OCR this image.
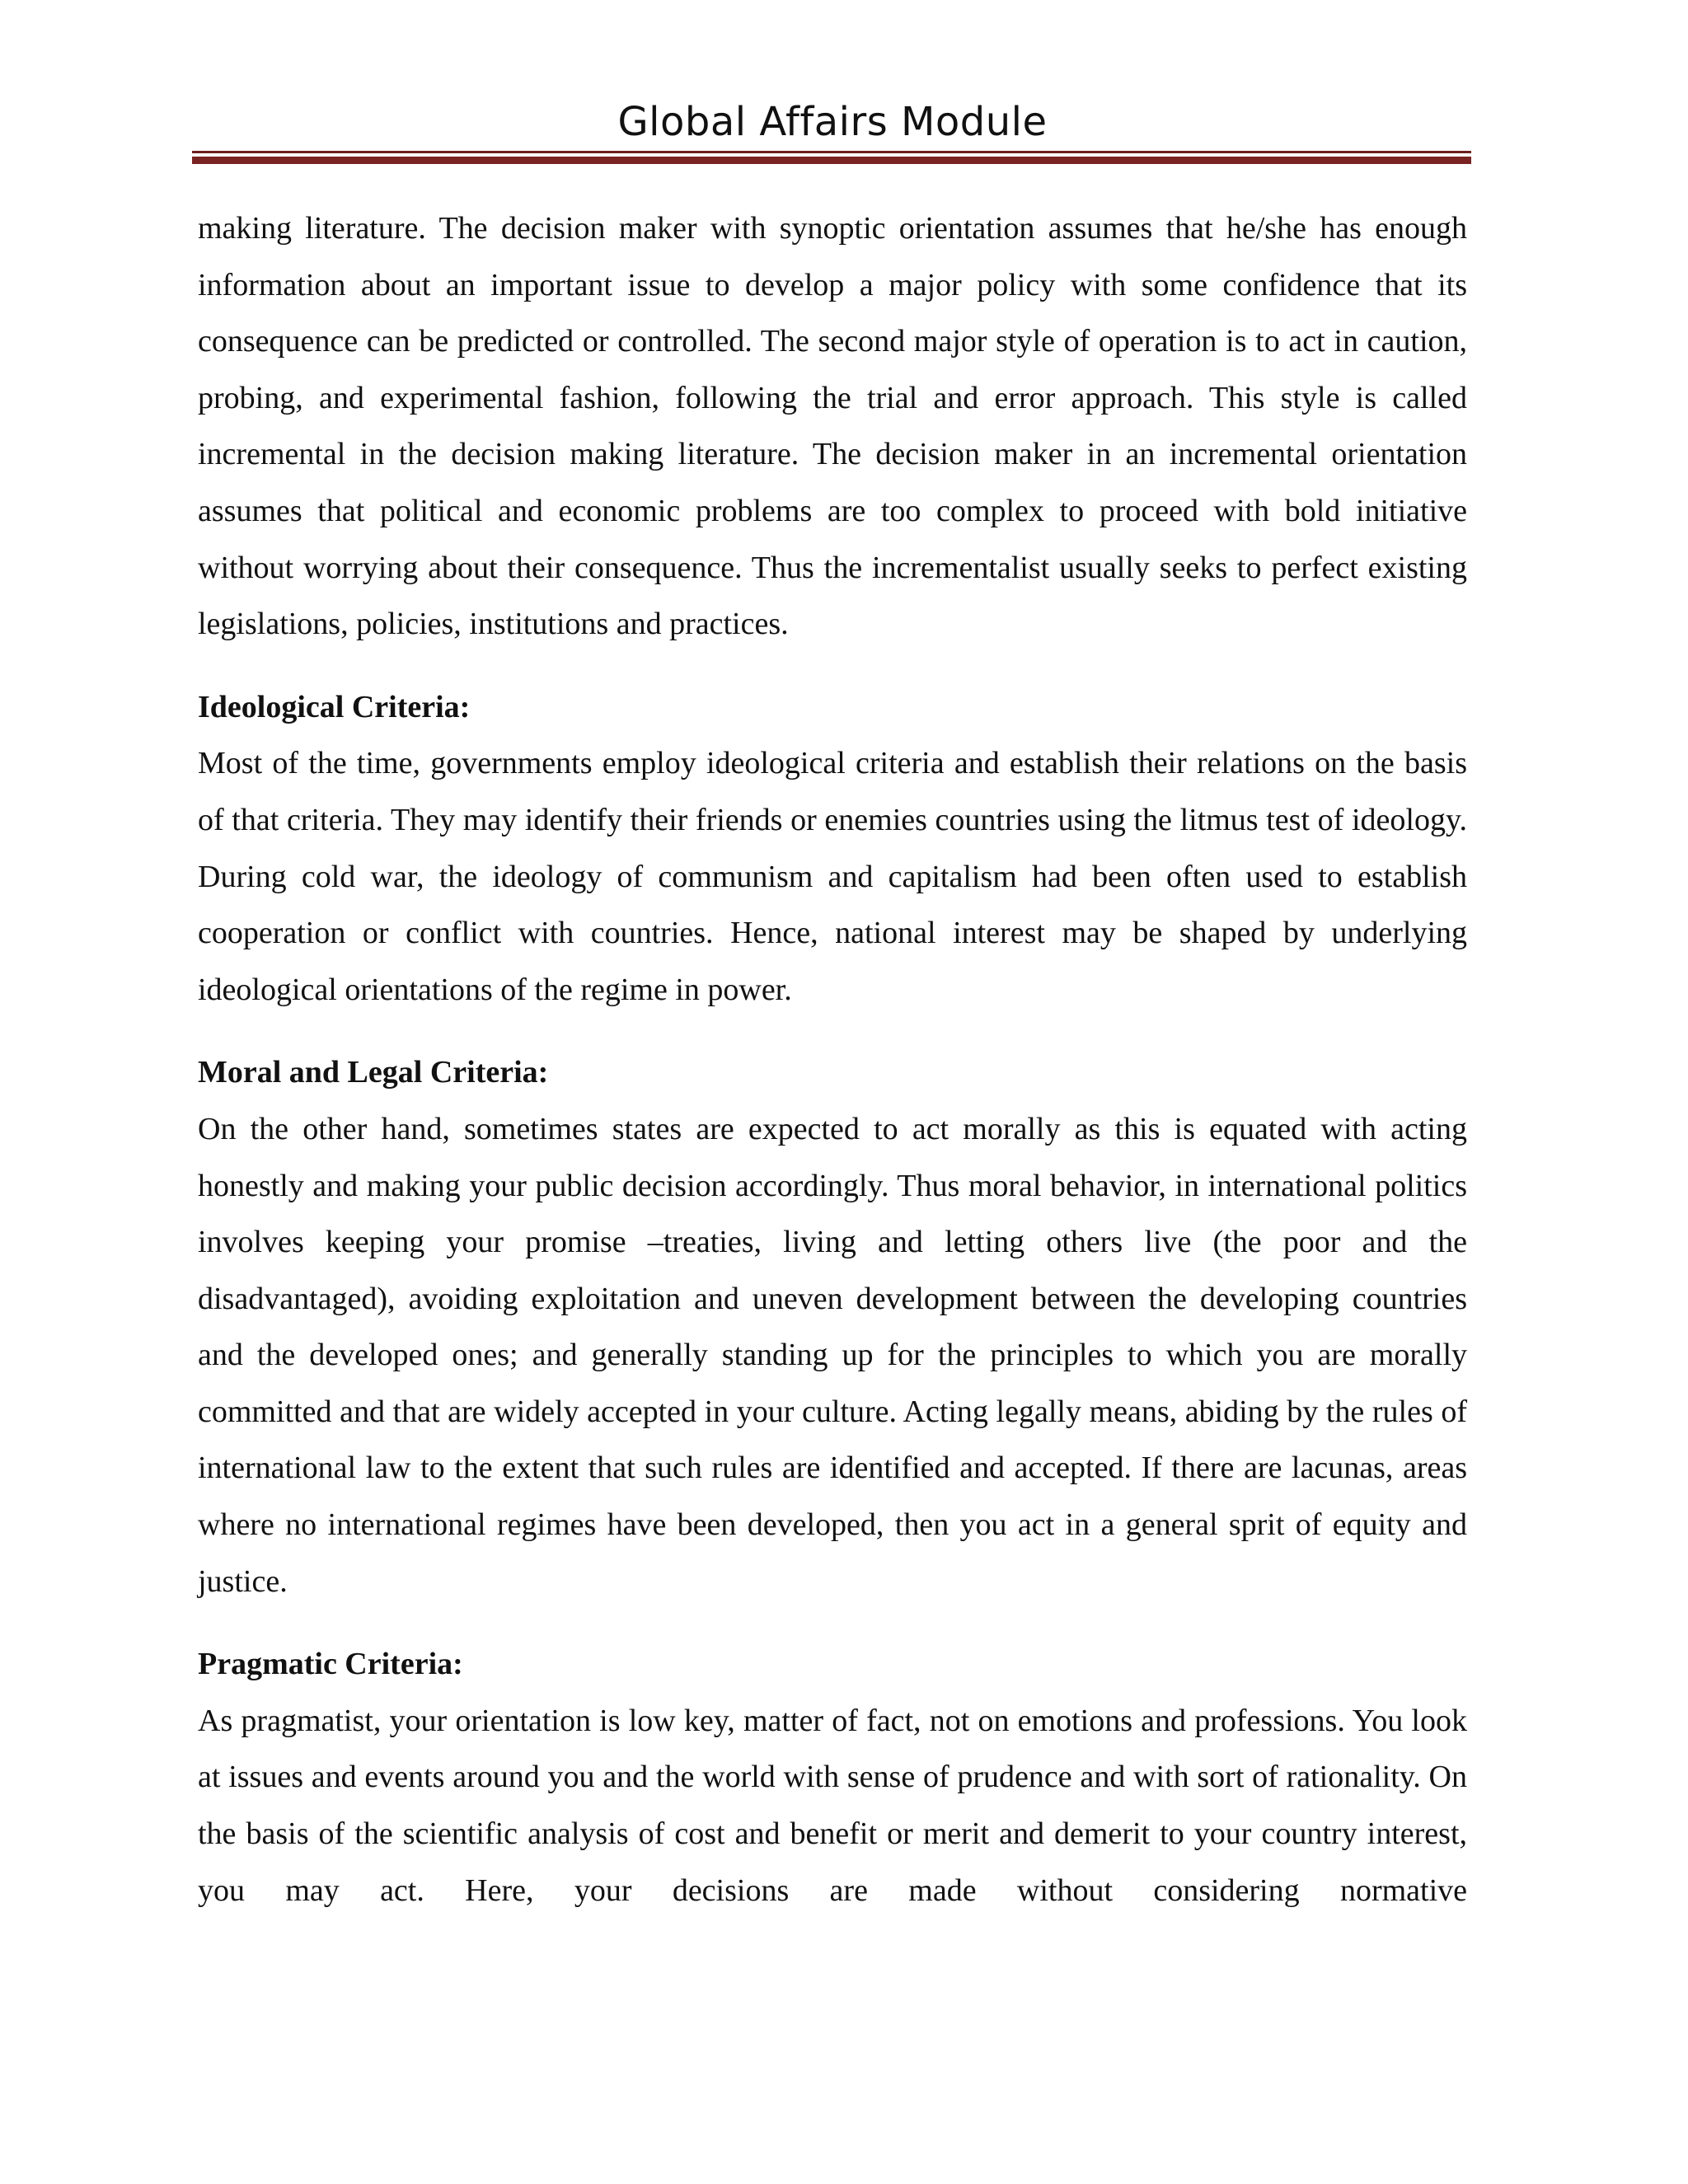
Global Affairs Module

making literature. The decision maker with synoptic orientation assumes that he/she has enough information about an important issue to develop a major policy with some confidence that its consequence can be predicted or controlled. The second major style of operation is to act in caution, probing, and experimental fashion, following the trial and error approach. This style is called incremental in the decision making literature. The decision maker in an incremental orientation assumes that political and economic problems are too complex to proceed with bold initiative without worrying about their consequence. Thus the incrementalist usually seeks to perfect existing legislations, policies, institutions and practices.

Ideological Criteria:

Most of the time, governments employ ideological criteria and establish their relations on the basis of that criteria. They may identify their friends or enemies countries using the litmus test of ideology. During cold war, the ideology of communism and capitalism had been often used to establish cooperation or conflict with countries. Hence, national interest may be shaped by underlying ideological orientations of the regime in power.

Moral and Legal Criteria:

On the other hand, sometimes states are expected to act morally as this is equated with acting honestly and making your public decision accordingly. Thus moral behavior, in international politics involves keeping your promise –treaties, living and letting others live (the poor and the disadvantaged), avoiding exploitation and uneven development between the developing countries and the developed ones; and generally standing up for the principles to which you are morally committed and that are widely accepted in your culture. Acting legally means, abiding by the rules of international law to the extent that such rules are identified and accepted. If there are lacunas, areas where no international regimes have been developed, then you act in a general sprit of equity and justice.

Pragmatic Criteria:

As pragmatist, your orientation is low key, matter of fact, not on emotions and professions. You look at issues and events around you and the world with sense of prudence and with sort of rationality. On the basis of the scientific analysis of cost and benefit or merit and demerit to your country interest, you may act. Here, your decisions are made without considering normative
